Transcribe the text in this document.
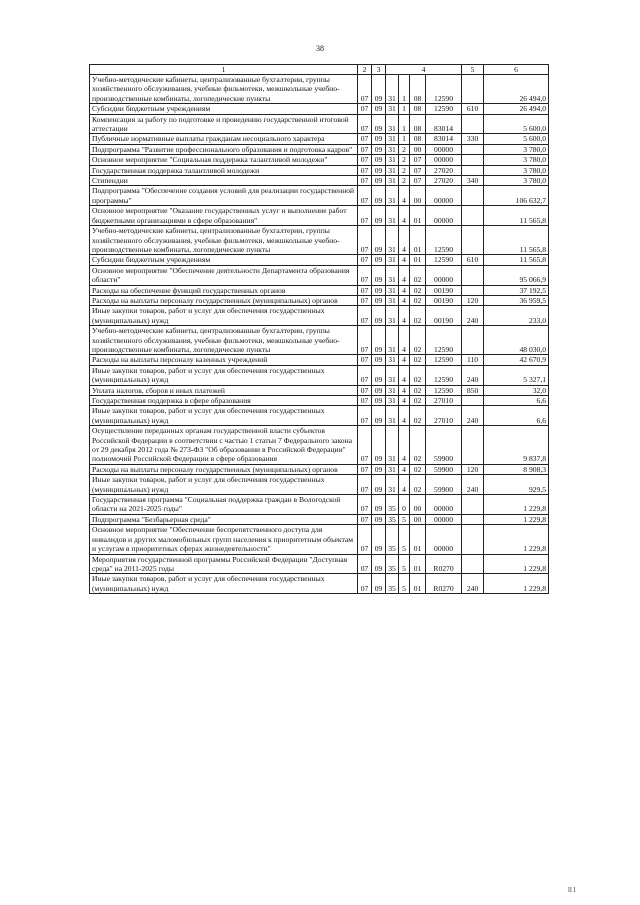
38
1	2	3	4				5	6
Учебно-методические кабинеты, централизованные бухгалтерии, группы хозяйственного обслуживания, учебные фильмотеки, межшкольные учебно-производственные комбинаты, логопедические пункты	07	09	31	1	08	12590		26 494,0
Субсидии бюджетным учреждениям	07	09	31	1	08	12590	610	26 494,0
Компенсация за работу по подготовке и проведению государственной итоговой аттестации	07	09	31	1	08	83014		5 600,0
Публичные нормативные выплаты гражданам несоциального характера	07	09	31	1	08	83014	330	5 600,0
Подпрограмма "Развитие профессионального образования и подготовка кадров"	07	09	31	2	00	00000		3 780,0
Основное мероприятие "Социальная поддержка талантливой молодежи"	07	09	31	2	07	00000		3 780,0
Государственная поддержка талантливой молодежи	07	09	31	2	07	27020		3 780,0
Стипендии	07	09	31	2	07	27020	340	3 780,0
Подпрограмма "Обеспечение создания условий для реализации государственной программы"	07	09	31	4	00	00000		106 632,7
Основное мероприятие "Оказание государственных услуг и выполнение работ бюджетными организациями в сфере образования"	07	09	31	4	01	00000		11 565,8
Учебно-методические кабинеты, централизованные бухгалтерии, группы хозяйственного обслуживания, учебные фильмотеки, межшкольные учебно-производственные комбинаты, логопедические пункты	07	09	31	4	01	12590		11 565,8
Субсидии бюджетным учреждениям	07	09	31	4	01	12590	610	11 565,8
Основное мероприятие "Обеспечение деятельности Департамента образования области"	07	09	31	4	02	00000		95 066,9
Расходы на обеспечение функций государственных органов	07	09	31	4	02	00190		37 192,5
Расходы на выплаты персоналу государственных (муниципальных) органов	07	09	31	4	02	00190	120	36 959,5
Иные закупки товаров, работ и услуг для обеспечения государственных (муниципальных) нужд	07	09	31	4	02	00190	240	233,0
Учебно-методические кабинеты, централизованные бухгалтерии, группы хозяйственного обслуживания, учебные фильмотеки, межшкольные учебно-производственные комбинаты, логопедические пункты	07	09	31	4	02	12590		48 030,0
Расходы на выплаты персоналу казенных учреждений	07	09	31	4	02	12590	110	42 670,9
Иные закупки товаров, работ и услуг для обеспечения государственных (муниципальных) нужд	07	09	31	4	02	12590	240	5 327,1
Уплата налогов, сборов и иных платежей	07	09	31	4	02	12590	850	32,0
Государственная поддержка в сфере образования	07	09	31	4	02	27010		6,6
Иные закупки товаров, работ и услуг для обеспечения государственных (муниципальных) нужд	07	09	31	4	02	27010	240	6,6
Осуществление переданных органам государственной власти субъектов Российской Федерации в соответствии с частью 1 статьи 7 Федерального закона от 29 декабря 2012 года № 273-ФЗ "Об образовании в Российской Федерации" полномочий Российской Федерации в сфере образования	07	09	31	4	02	59900		9 837,8
Расходы на выплаты персоналу государственных (муниципальных) органов	07	09	31	4	02	59900	120	8 908,3
Иные закупки товаров, работ и услуг для обеспечения государственных (муниципальных) нужд	07	09	31	4	02	59900	240	929,5
Государственная программа "Социальная поддержка граждан в Вологодской области на 2021-2025 годы"	07	09	35	0	00	00000		1 229,8
Подпрограмма "Безбарьерная среда"	07	09	35	5	00	00000		1 229,8
Основное мероприятие "Обеспечение беспрепятственного доступа для инвалидов и других маломобильных групп населения к приоритетным объектам и услугам в приоритетных сферах жизнедеятельности"	07	09	35	5	01	00000		1 229,8
Мероприятия государственной программы Российской Федерации "Доступная среда" на 2011-2025 годы	07	09	35	5	01	R0270		1 229,8
Иные закупки товаров, работ и услуг для обеспечения государственных (муниципальных) нужд	07	09	35	5	01	R0270	240	1 229,8
ll l
